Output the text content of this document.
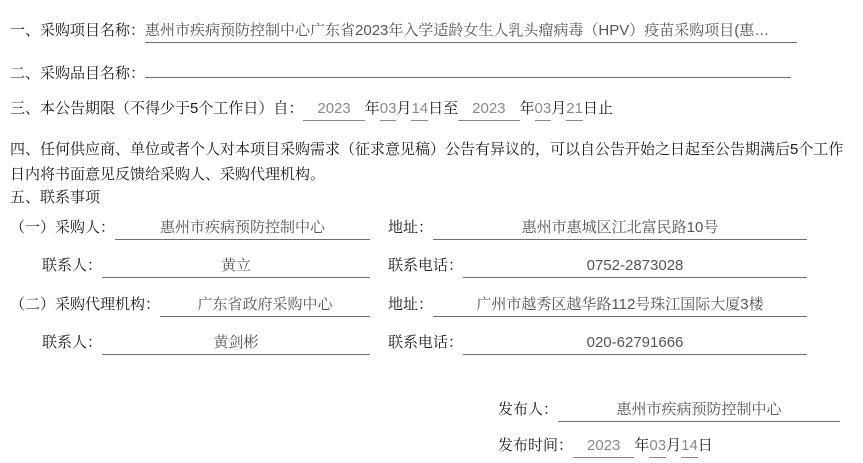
一、采购项目名称： 惠州市疾病预防控制中心广东省2023年入学适龄女生人乳头瘤病毒（HPV）疫苗采购项目(惠…
二、采购品目名称：
三、本公告期限（不得少于5个工作日）自： 2023 年 03 月 14 日至 2023 年 03 月 21 日止

四、任何供应商、单位或者个人对本项目采购需求（征求意见稿）公告有异议的，可以自公告开始之日起至公告期满后5个工作日内将书面意见反馈给采购人、采购代理机构。

五、联系事项
（一）采购人：	惠州市疾病预防控制中心	地址：	惠州市惠城区江北富民路10号
联系人：	黄立	联系电话：	0752-2873028
（二）采购代理机构：	广东省政府采购中心	地址：	广州市越秀区越华路112号珠江国际大厦3楼
联系人：	黄剑彬	联系电话：	020-62791666
发布人：	惠州市疾病预防控制中心
发布时间： 2023 年 03 月 14 日
